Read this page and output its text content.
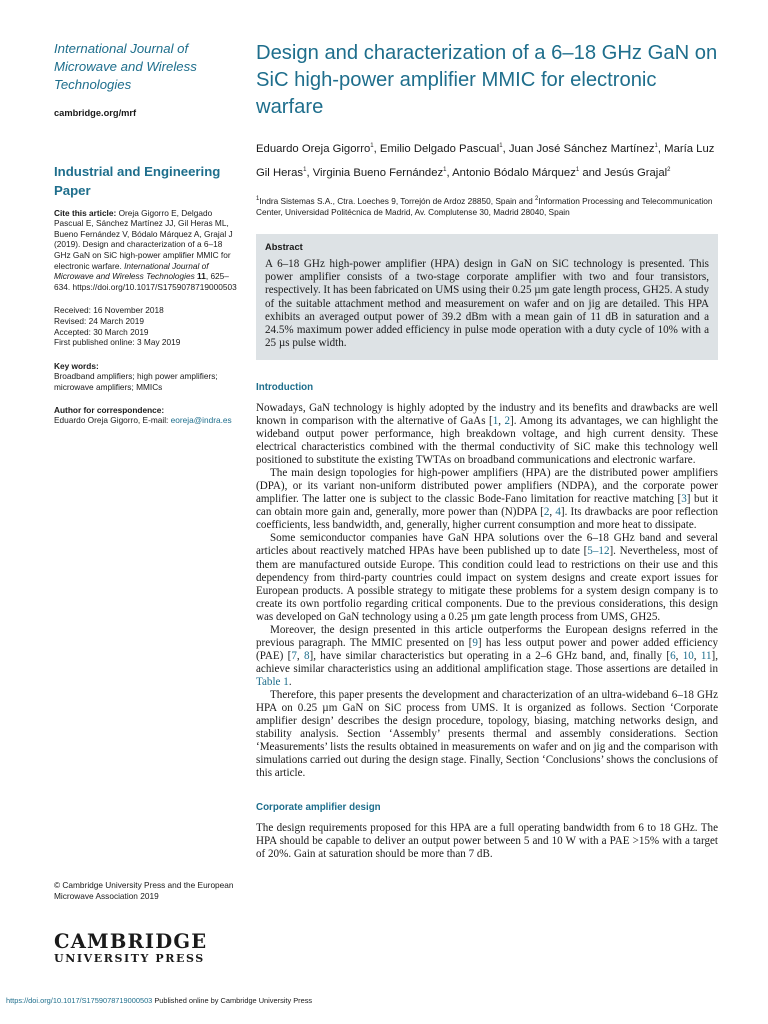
International Journal of Microwave and Wireless Technologies
cambridge.org/mrf
Industrial and Engineering Paper
Cite this article: Oreja Gigorro E, Delgado Pascual E, Sánchez Martínez JJ, Gil Heras ML, Bueno Fernández V, Bódalo Márquez A, Grajal J (2019). Design and characterization of a 6–18 GHz GaN on SiC high-power amplifier MMIC for electronic warfare. International Journal of Microwave and Wireless Technologies 11, 625–634. https://doi.org/10.1017/S1759078719000503
Received: 16 November 2018
Revised: 24 March 2019
Accepted: 30 March 2019
First published online: 3 May 2019
Key words:
Broadband amplifiers; high power amplifiers; microwave amplifiers; MMICs
Author for correspondence:
Eduardo Oreja Gigorro, E-mail: eoreja@indra.es
© Cambridge University Press and the European Microwave Association 2019
CAMBRIDGE
UNIVERSITY PRESS
https://doi.org/10.1017/S1759078719000503 Published online by Cambridge University Press
Design and characterization of a 6–18 GHz GaN on SiC high-power amplifier MMIC for electronic warfare
Eduardo Oreja Gigorro$^1$, Emilio Delgado Pascual$^1$, Juan José Sánchez Martínez$^1$, María Luz Gil Heras$^1$, Virginia Bueno Fernández$^1$, Antonio Bódalo Márquez$^1$ and Jesús Grajal$^2$
$^1$Indra Sistemas S.A., Ctra. Loeches 9, Torrejón de Ardoz 28850, Spain and $^2$Information Processing and Telecommunication Center, Universidad Politécnica de Madrid, Av. Complutense 30, Madrid 28040, Spain
Abstract

A 6–18 GHz high-power amplifier (HPA) design in GaN on SiC technology is presented. This power amplifier consists of a two-stage corporate amplifier with two and four transistors, respectively. It has been fabricated on UMS using their 0.25 µm gate length process, GH25. A study of the suitable attachment method and measurement on wafer and on jig are detailed. This HPA exhibits an averaged output power of 39.2 dBm with a mean gain of 11 dB in saturation and a 24.5% maximum power added efficiency in pulse mode operation with a duty cycle of 10% with a 25 µs pulse width.

Introduction

Nowadays, GaN technology is highly adopted by the industry and its benefits and drawbacks are well known in comparison with the alternative of GaAs [1, 2]. Among its advantages, we can highlight the wideband output power performance, high breakdown voltage, and high current density. These electrical characteristics combined with the thermal conductivity of SiC make this technology well positioned to substitute the existing TWTAs on broadband communications and electronic warfare.

The main design topologies for high-power amplifiers (HPA) are the distributed power amplifiers (DPA), or its variant non-uniform distributed power amplifiers (NDPA), and the corporate power amplifier. The latter one is subject to the classic Bode-Fano limitation for reactive matching [3] but it can obtain more gain and, generally, more power than (N)DPA [2, 4]. Its drawbacks are poor reflection coefficients, less bandwidth, and, generally, higher current consumption and more heat to dissipate.

Some semiconductor companies have GaN HPA solutions over the 6–18 GHz band and several articles about reactively matched HPAs have been published up to date [5–12]. Nevertheless, most of them are manufactured outside Europe. This condition could lead to restrictions on their use and this dependency from third-party countries could impact on system designs and create export issues for European products. A possible strategy to mitigate these problems for a system design company is to create its own portfolio regarding critical components. Due to the previous considerations, this design was developed on GaN technology using a 0.25 µm gate length process from UMS, GH25.

Moreover, the design presented in this article outperforms the European designs referred in the previous paragraph. The MMIC presented on [9] has less output power and power added efficiency (PAE) [7, 8], have similar characteristics but operating in a 2–6 GHz band, and, finally [6, 10, 11], achieve similar characteristics using an additional amplification stage. Those assertions are detailed in Table 1.

Therefore, this paper presents the development and characterization of an ultra-wideband 6–18 GHz HPA on 0.25 µm GaN on SiC process from UMS. It is organized as follows. Section ‘Corporate amplifier design’ describes the design procedure, topology, biasing, matching networks design, and stability analysis. Section ‘Assembly’ presents thermal and assembly considerations. Section ‘Measurements’ lists the results obtained in measurements on wafer and on jig and the comparison with simulations carried out during the design stage. Finally, Section ‘Conclusions’ shows the conclusions of this article.

Corporate amplifier design

The design requirements proposed for this HPA are a full operating bandwidth from 6 to 18 GHz. The HPA should be capable to deliver an output power between 5 and 10 W with a PAE >15% with a target of 20%. Gain at saturation should be more than 7 dB.
